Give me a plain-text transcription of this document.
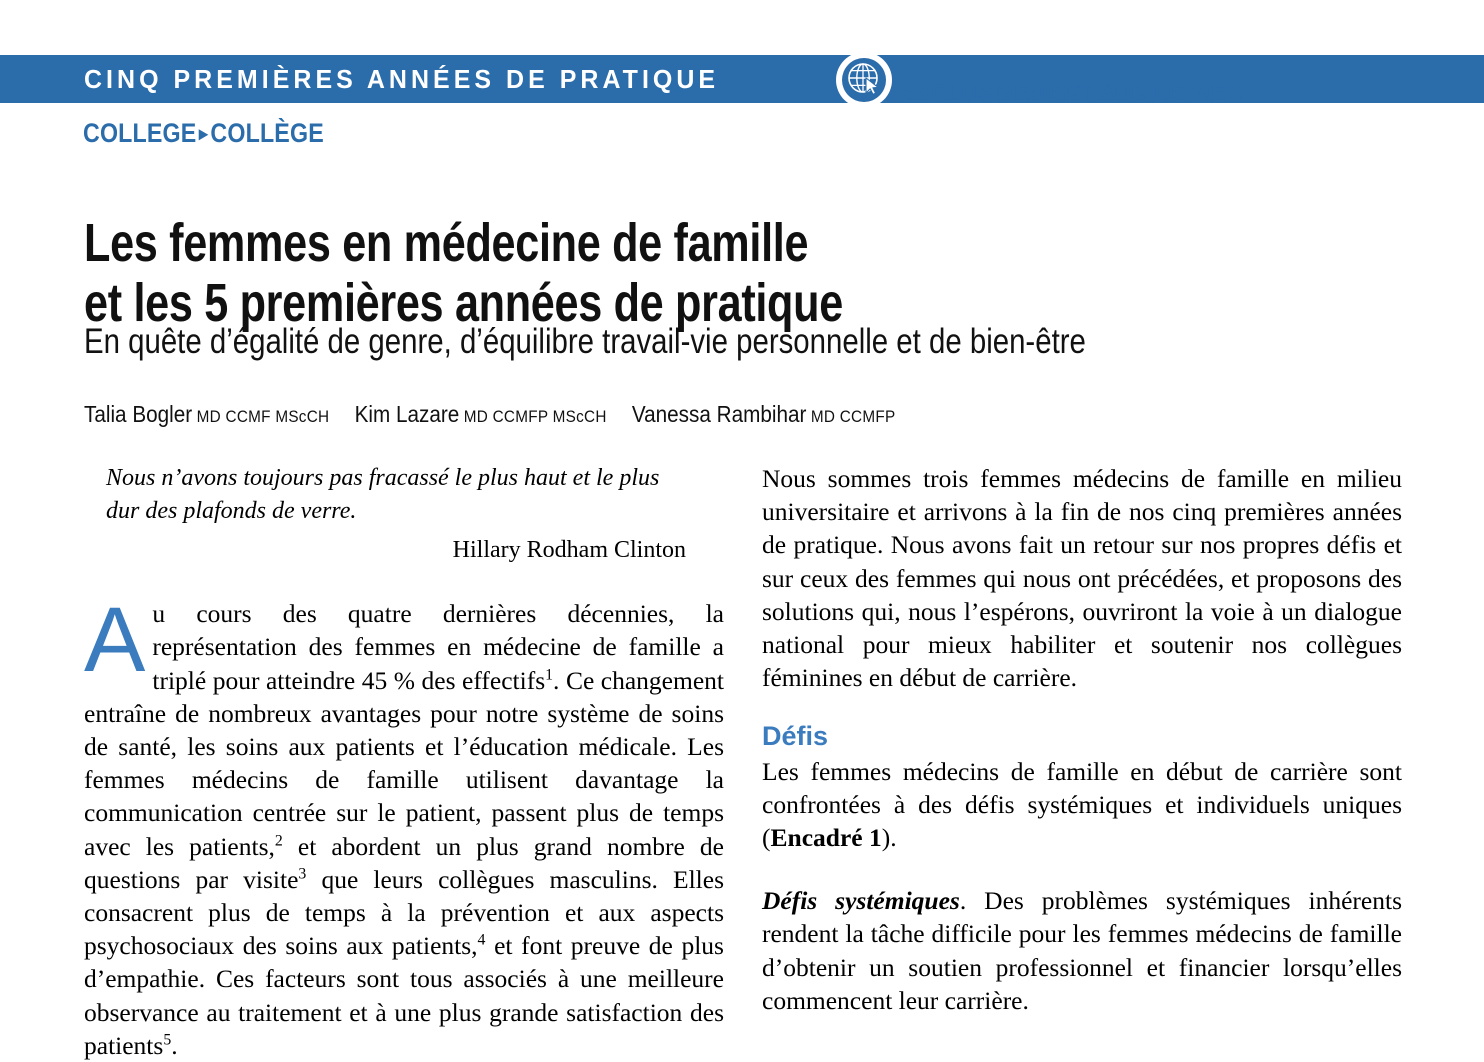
CINQ PREMIÈRES ANNÉES DE PRATIQUE	EXCLUSIVEMENT SUR LE WEB
COLLEGE ▸COLLÈGE
Les femmes en médecine de famille
et les 5 premières années de pratique
En quête d’égalité de genre, d’équilibre travail-vie personnelle et de bien-être
Talia Bogler MD CCMF MScCH Kim Lazare MD CCMFP MScCH Vanessa Rambihar MD CCMFP

Nous n’avons toujours pas fracassé le plus haut et le plus dur des plafonds de verre.

Hillary Rodham Clinton

Au cours des quatre dernières décennies, la représentation des femmes en médecine de famille a triplé pour atteindre 45 % des effectifs$^1$. Ce changement entraîne de nombreux avantages pour notre système de soins de santé, les soins aux patients et l’éducation médicale. Les femmes médecins de famille utilisent davantage la communication centrée sur le patient, passent plus de temps avec les patients,$^2$ et abordent un plus grand nombre de questions par visite$^3$ que leurs collègues masculins. Elles consacrent plus de temps à la prévention et aux aspects psychosociaux des soins aux patients,$^4$ et font preuve de plus d’empathie. Ces facteurs sont tous associés à une meilleure observance au traitement et à une plus grande satisfaction des patients$^5$.

Nous sommes trois femmes médecins de famille en milieu universitaire et arrivons à la fin de nos cinq premières années de pratique. Nous avons fait un retour sur nos propres défis et sur ceux des femmes qui nous ont précédées, et proposons des solutions qui, nous l’espérons, ouvriront la voie à un dialogue national pour mieux habiliter et soutenir nos collègues féminines en début de carrière.

Défis

Les femmes médecins de famille en début de carrière sont confrontées à des défis systémiques et individuels uniques (Encadré 1).

Défis systémiques. Des problèmes systémiques inhérents rendent la tâche difficile pour les femmes médecins de famille d’obtenir un soutien professionnel et financier lorsqu’elles commencent leur carrière.
